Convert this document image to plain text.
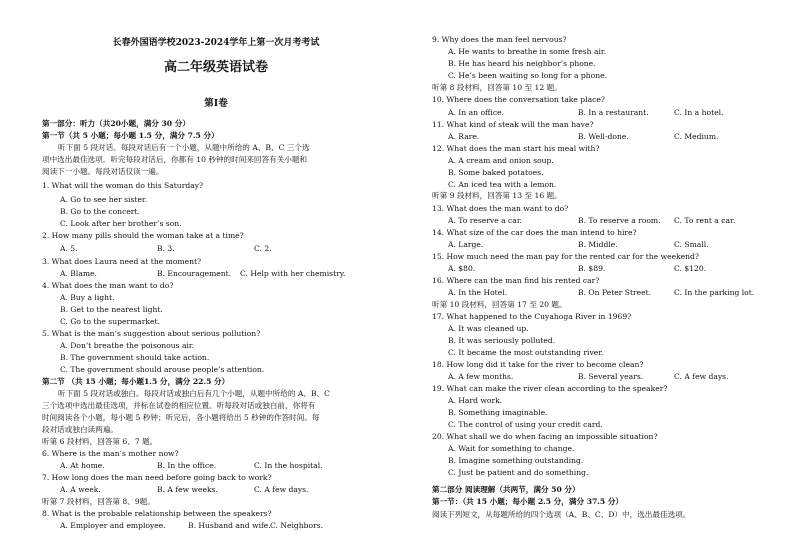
长春外国语学校2023-2024学年上第一次月考考试
高二年级英语试卷
第Ⅰ卷
第一部分：听力（共20小题，满分 30 分）
第一节（共 5 小题；每小题 1.5 分，满分 7.5 分）
听下面 5 段对话。每段对话后有一个小题，从题中所给的 A、B、C 三个选
项中选出最佳选项。听完每段对话后，你都有 10 秒钟的时间来回答有关小题和
阅读下一小题。每段对话仅读一遍。
1. What will the woman do this Saturday?
A. Go to see her sister.
B. Go to the concert.
C. Look after her brother’s son.
2. How many pills should the woman take at a time?
A. 5.	B. 3.	C. 2.
3. What does Laura need at the moment?
A. Blame.	B. Encouragement. C. Help with her chemistry.
4. What does the man want to do?
A. Buy a light.
B. Get to the nearest light.
C. Go to the supermarket.
5. What is the man’s suggestion about serious pollution?
A. Don’t breathe the poisonous air.
B. The government should take action.
C. The government should arouse people’s attention.
第二节 （共 15 小题；每小题1.5 分，满分 22.5 分）
听下面 5 段对话或独白。每段对话或独白后有几个小题，从题中所给的 A、B、C
三个选项中选出最佳选项，并标在试卷的相应位置。听每段对话或独白前，你将有
时间阅读各个小题，每小题 5 秒钟；听完后，各小题将给出 5 秒钟的作答时间。每
段对话或独白读两遍。
听第 6 段材料，回答第 6、7 题。
6. Where is the man’s mother now?
A. At home.	B. In the office.	C. In the hospital.
7. How long does the man need before going back to work?
A. A week.	B. A few weeks.	C. A few days.
听第 7 段材料，回答第 8、9题。
8. What is the probable relationship between the speakers?
A. Employer and employee.	B. Husband and wife. C. Neighbors.
9. Why does the man feel nervous?
A. He wants to breathe in some fresh air.
B. He has heard his neighbor’s phone.
C. He’s been waiting so long for a phone.
听第 8 段材料，回答第 10 至 12 题。
10. Where does the conversation take place?
A. In an office.	B. In a restaurant.	C. In a hotel.
11. What kind of steak will the man have?
A. Rare.	B. Well-done.	C. Medium.
12. What does the man start his meal with?
A. A cream and onion soup.
B. Some baked potatoes.
C. An iced tea with a lemon.
听第 9 段材料，回答第 13 至 16 题。
13. What does the man want to do?
A. To reserve a car.	B. To reserve a room. C. To rent a car.
14. What size of the car does the man intend to hire?
A. Large.	B. Middle.	C. Small.
15. How much need the man pay for the rented car for the weekend?
A. $80.	B. $89.	C. $120.
16. Where can the man find his rented car?
A. In the Hotel.	B. On Peter Street.	C. In the parking lot.
听第 10 段材料，回答第 17 至 20 题。
17. What happened to the Cuyahoga River in 1969?
A. It was cleaned up.
B. It was seriously polluted.
C. It became the most outstanding river.
18. How long did it take for the river to become clean?
A. A few months.	B. Several years.	C. A few days.
19. What can make the river clean according to the speaker?
A. Hard work.
B. Something imaginable.
C. The control of using your credit card.
20. What shall we do when facing an impossible situation?
A. Wait for something to change.
B. Imagine something outstanding.
C. Just be patient and do something.
第二部分 阅读理解（共两节，满分 50 分）
第一节：（共 15 小题；每小题 2.5 分，满分 37.5 分）
阅读下列短文，从每题所给的四个选项（A、B、C、D）中，选出最佳选项。
